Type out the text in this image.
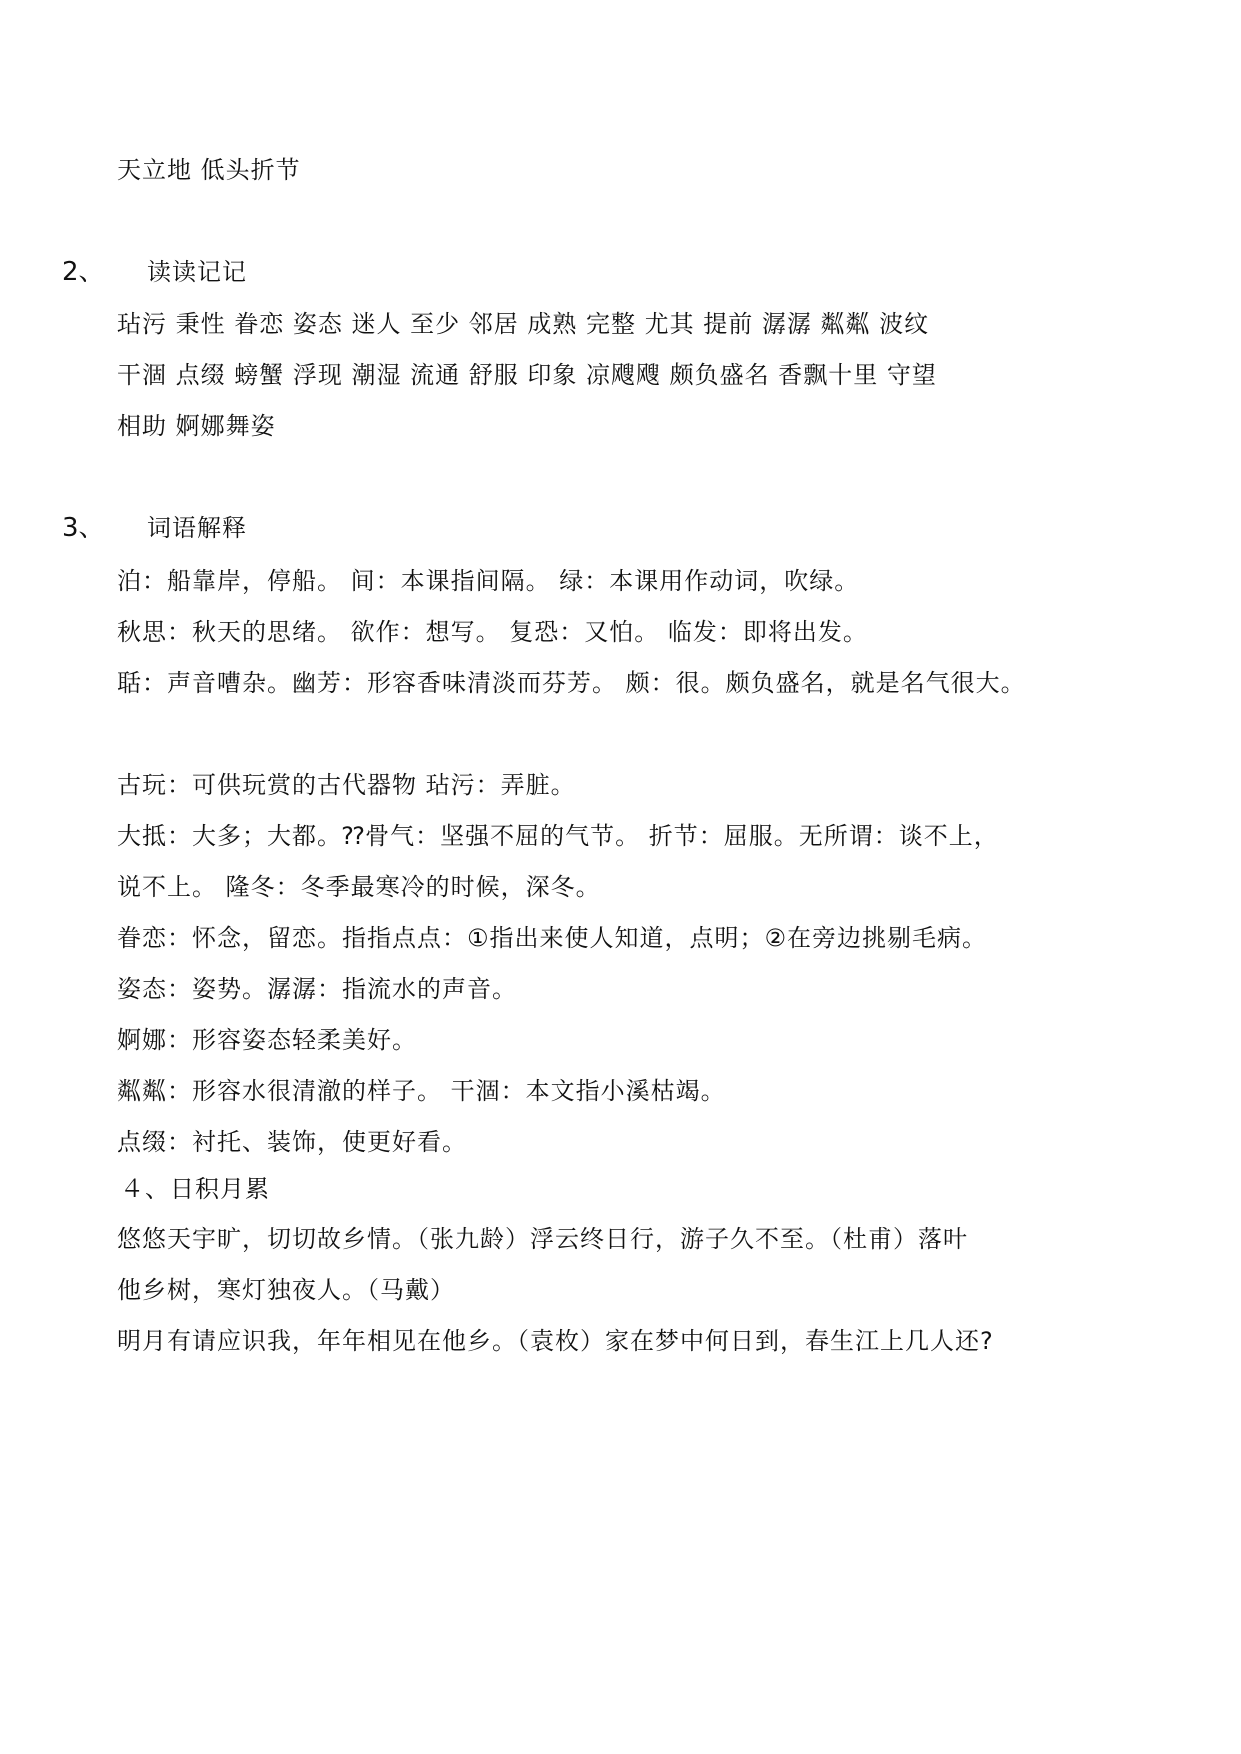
天立地 低头折节
2、 读读记记
玷污 秉性 眷恋 姿态 迷人 至少 邻居 成熟 完整 尤其 提前 潺潺 粼粼 波纹
干涸 点缀 螃蟹 浮现 潮湿 流通 舒服 印象 凉飕飕 颇负盛名 香飘十里 守望
相助 婀娜舞姿
3、 词语解释
泊：船靠岸，停船。 间：本课指间隔。 绿：本课用作动词，吹绿。
秋思：秋天的思绪。 欲作：想写。 复恐：又怕。 临发：即将出发。
聒：声音嘈杂。幽芳：形容香味清淡而芬芳。 颇：很。颇负盛名，就是名气很大。
古玩：可供玩赏的古代器物 玷污：弄脏。
大抵：大多；大都。⁇骨气：坚强不屈的气节。 折节：屈服。无所谓：谈不上，
说不上。 隆冬：冬季最寒冷的时候，深冬。
眷恋：怀念，留恋。指指点点：①指出来使人知道，点明；②在旁边挑剔毛病。
姿态：姿势。潺潺：指流水的声音。
婀娜：形容姿态轻柔美好。
粼粼：形容水很清澈的样子。 干涸：本文指小溪枯竭。
点缀：衬托、装饰，使更好看。
４、日积月累
悠悠天宇旷，切切故乡情。（张九龄）浮云终日行，游子久不至。（杜甫）落叶
他乡树，寒灯独夜人。（马戴）
明月有请应识我，年年相见在他乡。（袁枚）家在梦中何日到，春生江上几人还?
